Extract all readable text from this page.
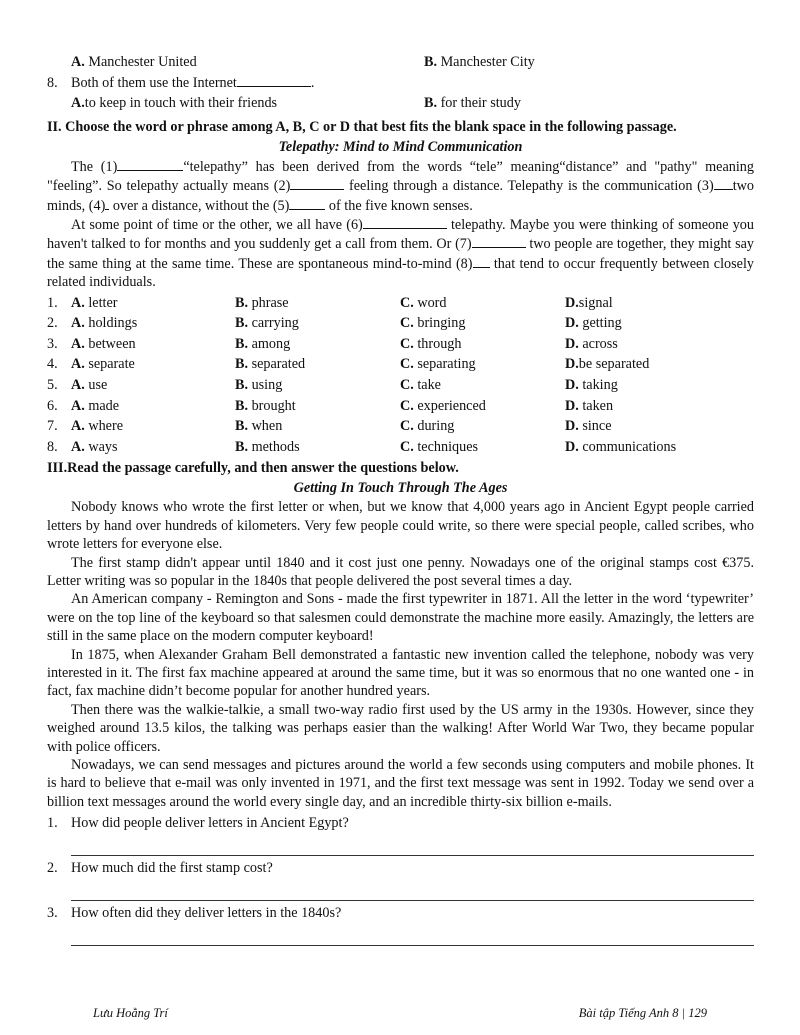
A. Manchester United	B. Manchester City
8. Both of them use the Internet	.
A.to keep in touch with their friends	B. for their study
II. Choose the word or phrase among A, B, C or D that best fits the blank space in the following passage.
Telepathy: Mind to Mind Communication

The (1)	“telepathy” has been derived from the words “tele” meaning“distance” and "pathy" meaning "feeling”. So telepathy actually means (2)	feeling through a distance. Telepathy is the communication (3) two minds, (4) over a distance, without the (5)	of the five known senses.

At some point of time or the other, we all have (6)	telepathy. Maybe you were thinking of someone you haven't talked to for months and you suddenly get a call from them. Or (7)	two people are together, they might say the same thing at the same time. These are spontaneous mind-to-mind (8) that tend to occur frequently between closely related individuals.

1. A. letter	B. phrase	C. word	D.signal
2. A. holdings	B. carrying	C. bringing	D. getting
3. A. between	B. among	C. through	D. across
4. A. separate	B. separated	C. separating	D.be separated
5. A. use	B. using	C. take	D. taking
6. A. made	B. brought	C. experienced	D. taken
7. A. where	B. when	C. during	D. since
8. A. ways	B. methods	C. techniques	D. communications
III.Read the passage carefully, and then answer the questions below.
Getting In Touch Through The Ages

Nobody knows who wrote the first letter or when, but we know that 4,000 years ago in Ancient Egypt people carried letters by hand over hundreds of kilometers. Very few people could write, so there were special people, called scribes, who wrote letters for everyone else.

The first stamp didn't appear until 1840 and it cost just one penny. Nowadays one of the original stamps cost €375. Letter writing was so popular in the 1840s that people delivered the post several times a day.

An American company - Remington and Sons - made the first typewriter in 1871. All the letter in the word ‘typewriter’ were on the top line of the keyboard so that salesmen could demonstrate the machine more easily. Amazingly, the letters are still in the same place on the modern computer keyboard!

In 1875, when Alexander Graham Bell demonstrated a fantastic new invention called the telephone, nobody was very interested in it. The first fax machine appeared at around the same time, but it was so enormous that no one wanted one - in fact, fax machine didn’t become popular for another hundred years.

Then there was the walkie-talkie, a small two-way radio first used by the US army in the 1930s. However, since they weighed around 13.5 kilos, the talking was perhaps easier than the walking! After World War Two, they became popular with police officers.

Nowadays, we can send messages and pictures around the world a few seconds using computers and mobile phones. It is hard to believe that e-mail was only invented in 1971, and the first text message was sent in 1992. Today we send over a billion text messages around the world every single day, and an incredible thirty-six billion e-mails.

1. How did people deliver letters in Ancient Egypt?
2. How much did the first stamp cost?
3. How often did they deliver letters in the 1840s?
Lưu Hoằng Trí	Bài tập Tiếng Anh 8 | 129
